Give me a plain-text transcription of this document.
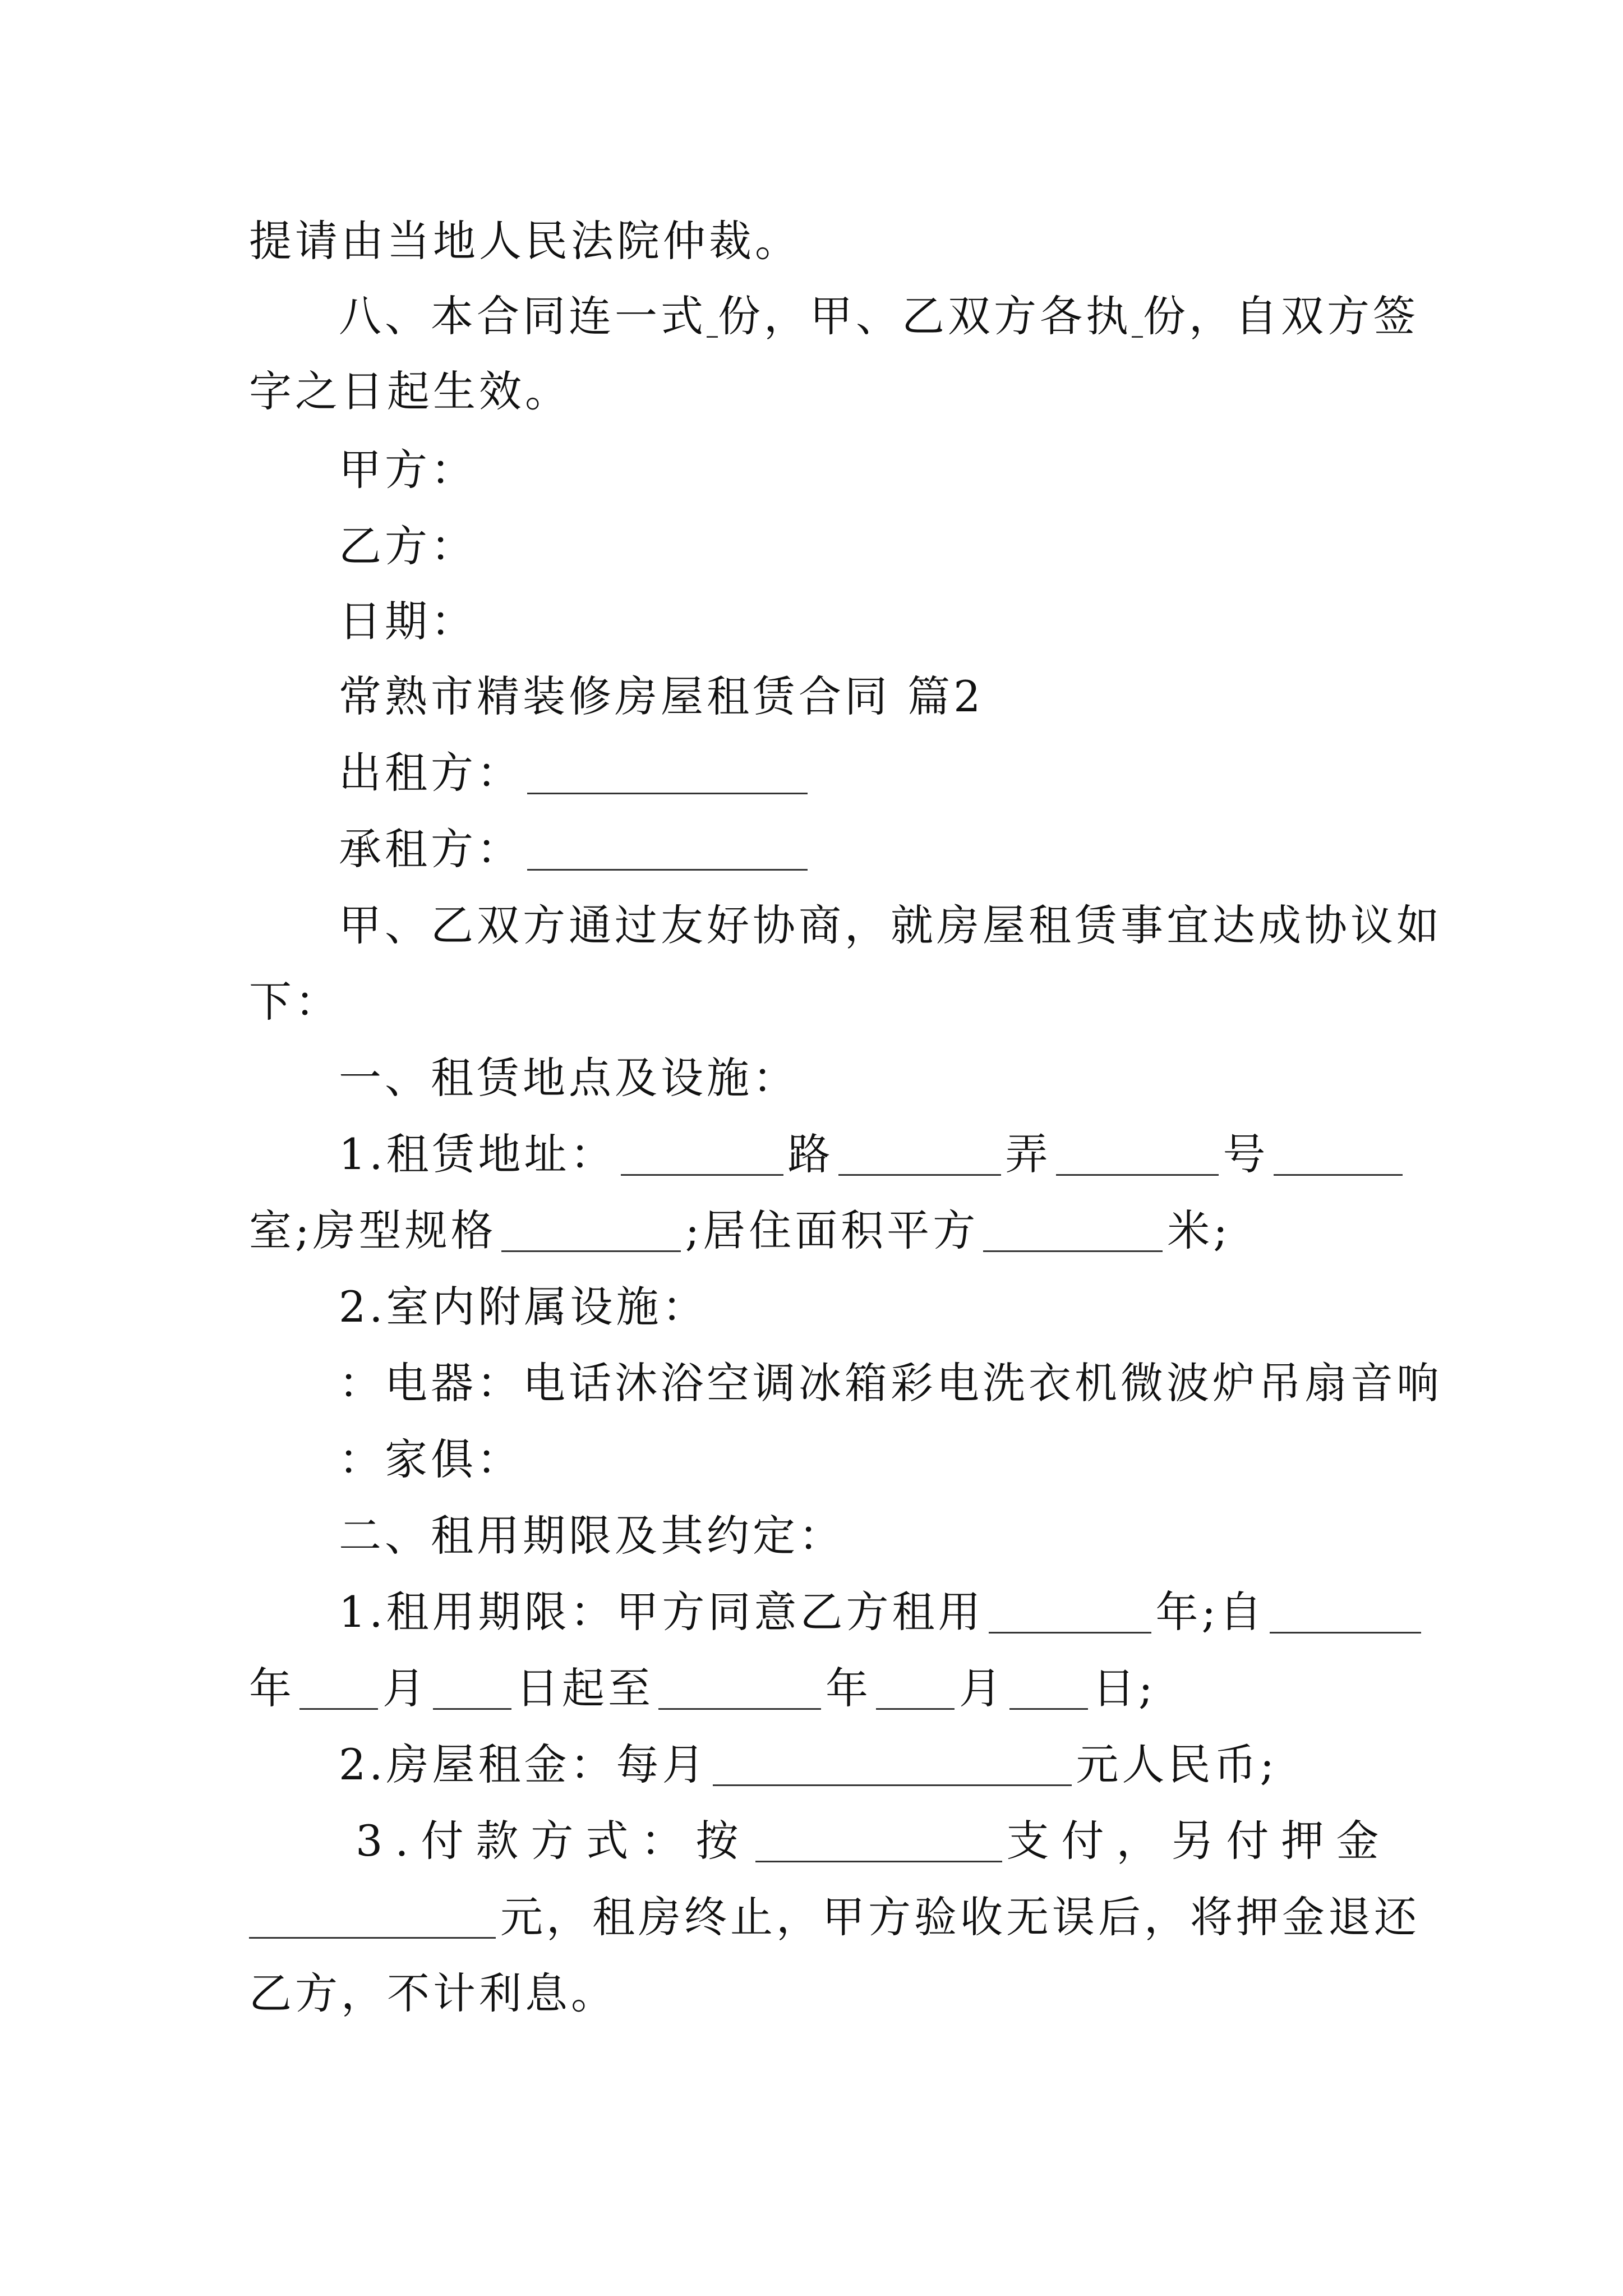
提请由当地人民法院仲裁。
八、本合同连一式 份，甲、乙双方各执 份，自双方签
字之日起生效。
甲方：
乙方：
日期：
常熟市精装修房屋租赁合同 篇2
出租方：
承租方：
甲、乙双方通过友好协商，就房屋租赁事宜达成协议如
下：
一、租赁地点及设施：
1.租赁地址：	路	弄	号
室;房型规格	;居住面积平方	米;
2.室内附属设施：
：电器：电话沐浴空调冰箱彩电洗衣机微波炉吊扇音响
：家俱：
二、租用期限及其约定：
1.租用期限：甲方同意乙方租用	年;自
年 月 日起至	年 月 日;
2.房屋租金：每月	元人民币;
3.付款方式：按	支付，另付押金
元，租房终止，甲方验收无误后，将押金退还
乙方，不计利息。
